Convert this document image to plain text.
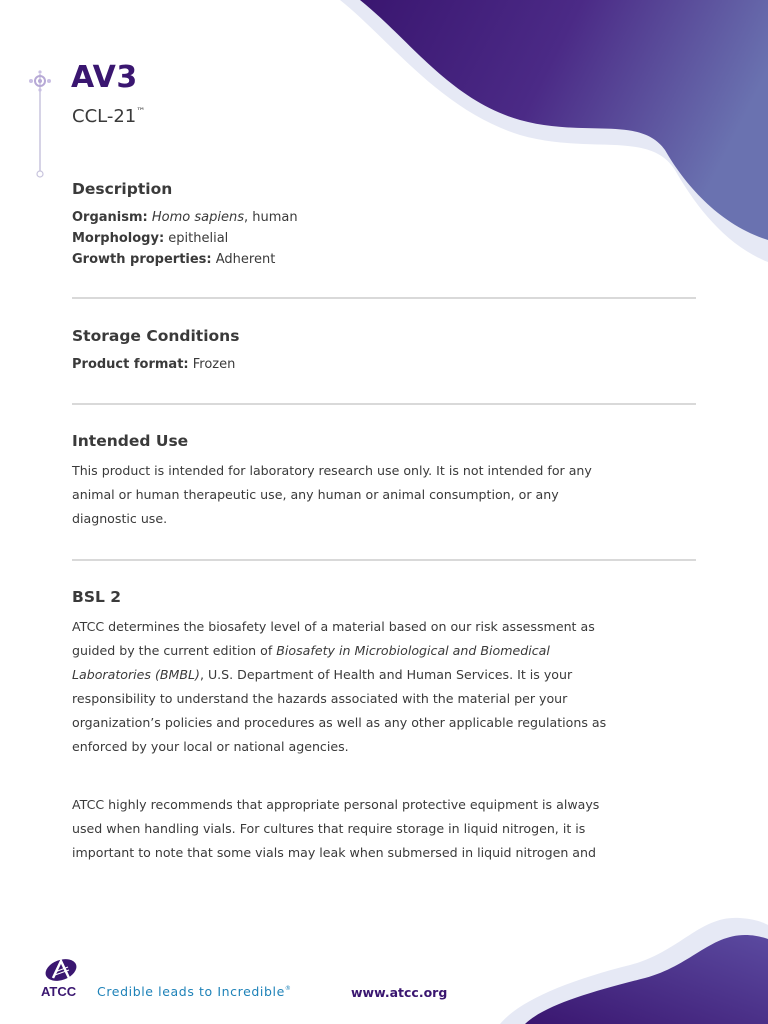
AV3
CCL-21™
Description
Organism: Homo sapiens, human
Morphology: epithelial
Growth properties: Adherent
Storage Conditions
Product format: Frozen
Intended Use
This product is intended for laboratory research use only. It is not intended for any animal or human therapeutic use, any human or animal consumption, or any diagnostic use.
BSL 2
ATCC determines the biosafety level of a material based on our risk assessment as guided by the current edition of Biosafety in Microbiological and Biomedical Laboratories (BMBL), U.S. Department of Health and Human Services. It is your responsibility to understand the hazards associated with the material per your organization’s policies and procedures as well as any other applicable regulations as enforced by your local or national agencies.
ATCC highly recommends that appropriate personal protective equipment is always used when handling vials. For cultures that require storage in liquid nitrogen, it is important to note that some vials may leak when submersed in liquid nitrogen and
ATCC Credible leads to Incredible®	www.atcc.org
